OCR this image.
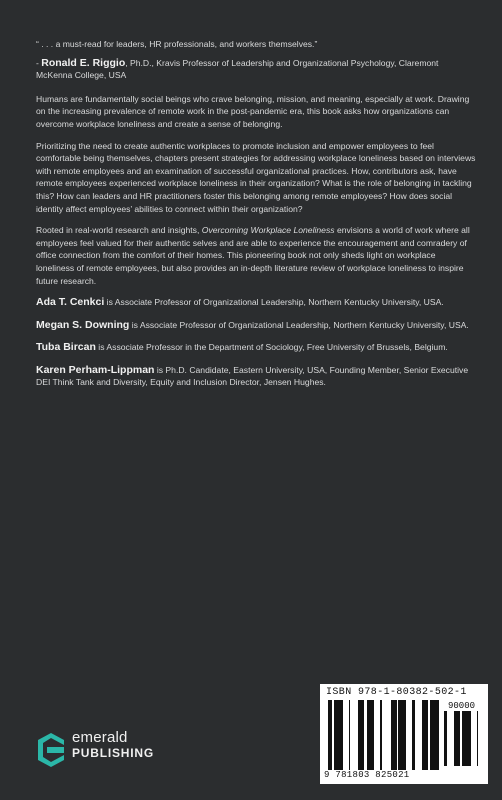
“ . . . a must-read for leaders, HR professionals, and workers themselves.”

- Ronald E. Riggio, Ph.D., Kravis Professor of Leadership and Organizational Psychology, Claremont McKenna College, USA

Humans are fundamentally social beings who crave belonging, mission, and meaning, especially at work. Drawing on the increasing prevalence of remote work in the post-pandemic era, this book asks how organizations can overcome workplace loneliness and create a sense of belonging.

Prioritizing the need to create authentic workplaces to promote inclusion and empower employees to feel comfortable being themselves, chapters present strategies for addressing workplace loneliness based on interviews with remote employees and an examination of successful organizational practices. How, contributors ask, have remote employees experienced workplace loneliness in their organization? What is the role of belonging in tackling this? How can leaders and HR practitioners foster this belonging among remote employees? How does social identity affect employees’ abilities to connect within their organization?

Rooted in real-world research and insights, Overcoming Workplace Loneliness envisions a world of work where all employees feel valued for their authentic selves and are able to experience the encouragement and comradery of office connection from the comfort of their homes. This pioneering book not only sheds light on workplace loneliness of remote employees, but also provides an in-depth literature review of workplace loneliness to inspire future research.

Ada T. Cenkci is Associate Professor of Organizational Leadership, Northern Kentucky University, USA.

Megan S. Downing is Associate Professor of Organizational Leadership, Northern Kentucky University, USA.

Tuba Bircan is Associate Professor in the Department of Sociology, Free University of Brussels, Belgium.

Karen Perham-Lippman is Ph.D. Candidate, Eastern University, USA, Founding Member, Senior Executive DEI Think Tank and Diversity, Equity and Inclusion Director, Jensen Hughes.

emerald
PUBLISHING
ISBN 978-1-80382-502-1
90000
9 781803 825021
